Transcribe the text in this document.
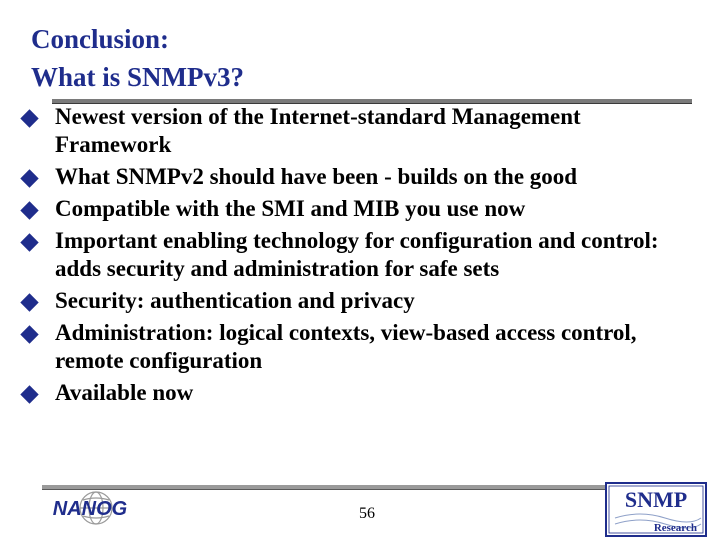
Conclusion:
What is SNMPv3?
Newest version of the Internet-standard Management Framework
What SNMPv2 should have been - builds on the good
Compatible with the SMI and MIB you use now
Important enabling technology for configuration and control: adds security and administration for safe sets
Security: authentication and privacy
Administration: logical contexts, view-based access control, remote configuration
Available now
NANOG	56
SNMP
Research
